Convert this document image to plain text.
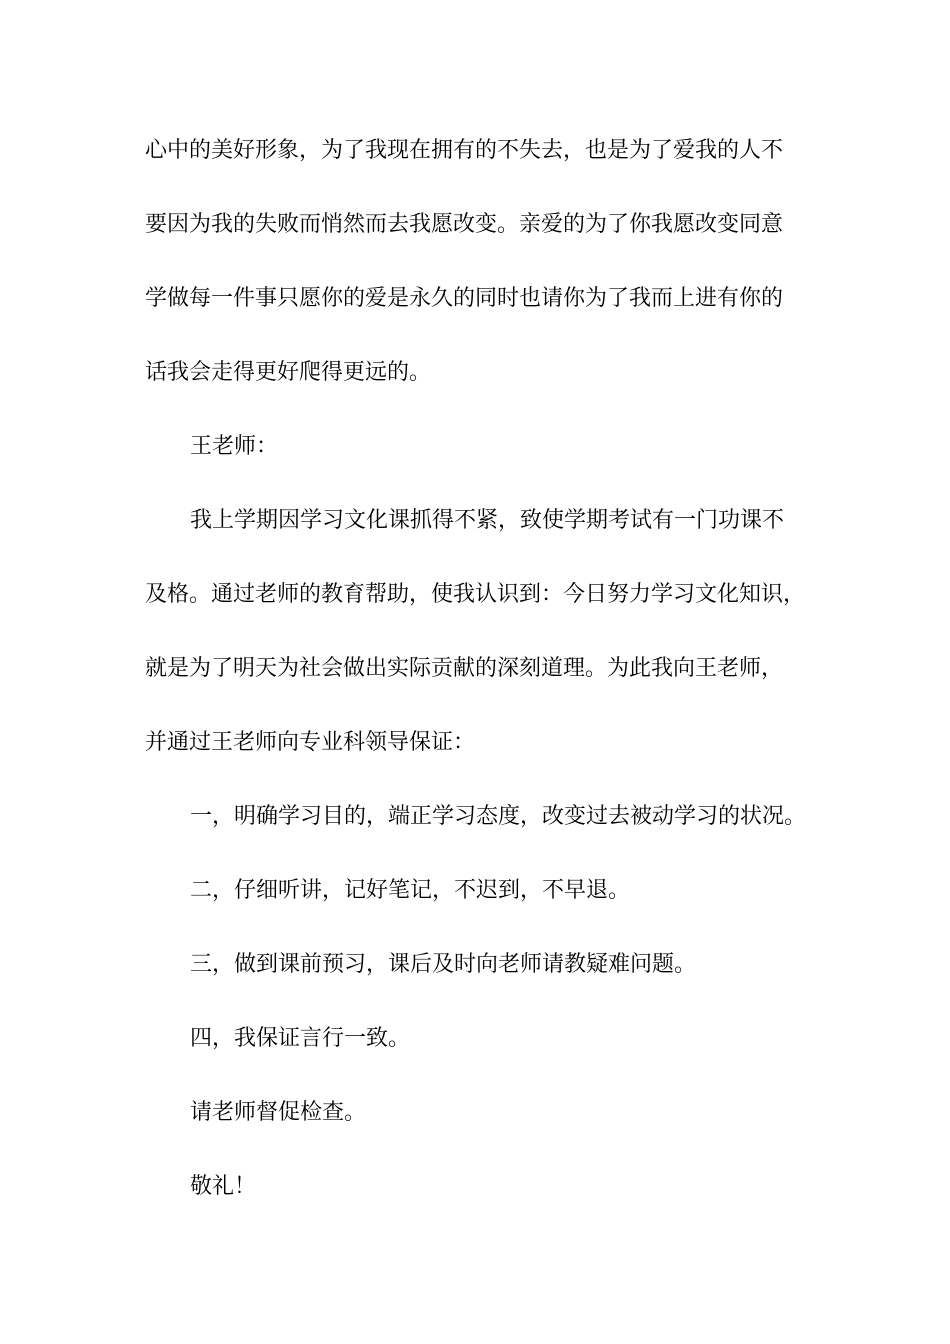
心中的美好形象，为了我现在拥有的不失去，也是为了爱我的人不

要因为我的失败而悄然而去我愿改变。亲爱的为了你我愿改变同意

学做每一件事只愿你的爱是永久的同时也请你为了我而上进有你的

话我会走得更好爬得更远的。

王老师：

我上学期因学习文化课抓得不紧，致使学期考试有一门功课不

及格。通过老师的教育帮助，使我认识到：今日努力学习文化知识，

就是为了明天为社会做出实际贡献的深刻道理。为此我向王老师，

并通过王老师向专业科领导保证：

一，明确学习目的，端正学习态度，改变过去被动学习的状况。

二，仔细听讲，记好笔记，不迟到，不早退。

三，做到课前预习，课后及时向老师请教疑难问题。

四，我保证言行一致。

请老师督促检查。

敬礼！
